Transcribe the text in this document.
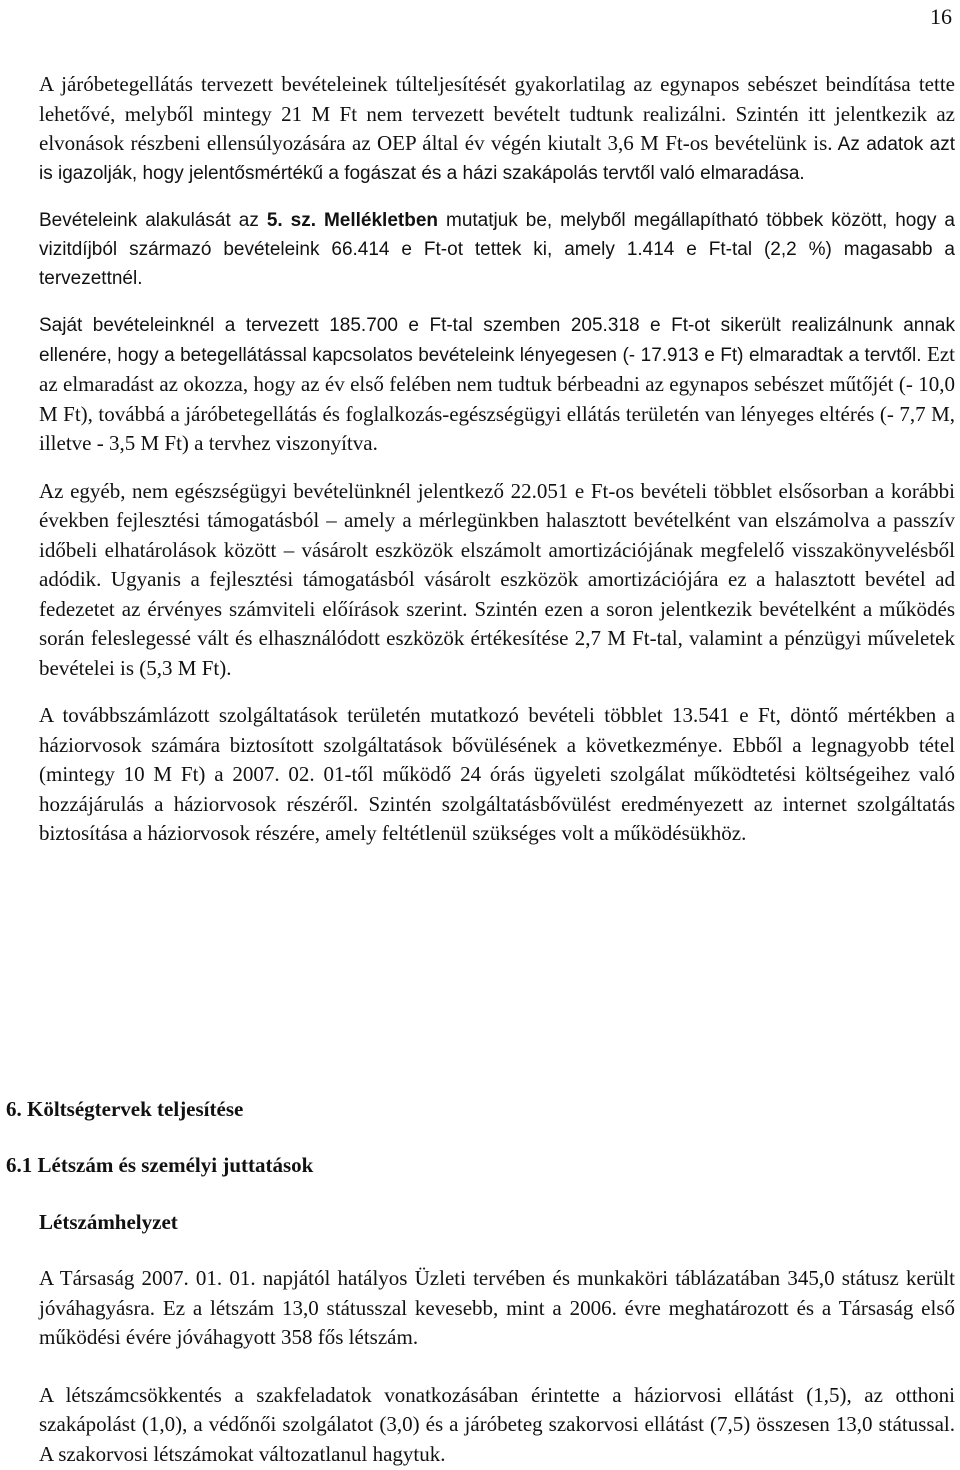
16

A járóbetegellátás tervezett bevételeinek túlteljesítését gyakorlatilag az egynapos sebészet beindítása tette lehetővé, melyből mintegy 21 M Ft nem tervezett bevételt tudtunk realizálni. Szintén itt jelentkezik az elvonások részbeni ellensúlyozására az OEP által év végén kiutalt 3,6 M Ft-os bevételünk is. Az adatok azt is igazolják, hogy jelentősmértékű a fogászat és a házi szakápolás tervtől való elmaradása.

Bevételeink alakulását az 5. sz. Mellékletben mutatjuk be, melyből megállapítható többek között, hogy a vizitdíjból származó bevételeink 66.414 e Ft-ot tettek ki, amely 1.414 e Ft-tal (2,2 %) magasabb a tervezettnél.

Saját bevételeinknél a tervezett 185.700 e Ft-tal szemben 205.318 e Ft-ot sikerült realizálnunk annak ellenére, hogy a betegellátással kapcsolatos bevételeink lényegesen (- 17.913 e Ft) elmaradtak a tervtől. Ezt az elmaradást az okozza, hogy az év első felében nem tudtuk bérbeadni az egynapos sebészet műtőjét (- 10,0 M Ft), továbbá a járóbetegellátás és foglalkozás-egészségügyi ellátás területén van lényeges eltérés (- 7,7 M, illetve - 3,5 M Ft) a tervhez viszonyítva.

Az egyéb, nem egészségügyi bevételünknél jelentkező 22.051 e Ft-os bevételi többlet elsősorban a korábbi években fejlesztési támogatásból – amely a mérlegünkben halasztott bevételként van elszámolva a passzív időbeli elhatárolások között – vásárolt eszközök elszámolt amortizációjának megfelelő visszakönyvelésből adódik. Ugyanis a fejlesztési támogatásból vásárolt eszközök amortizációjára ez a halasztott bevétel ad fedezetet az érvényes számviteli előírások szerint. Szintén ezen a soron jelentkezik bevételként a működés során feleslegessé vált és elhasználódott eszközök értékesítése 2,7 M Ft-tal, valamint a pénzügyi műveletek bevételei is (5,3 M Ft).

A továbbszámlázott szolgáltatások területén mutatkozó bevételi többlet 13.541 e Ft, döntő mértékben a háziorvosok számára biztosított szolgáltatások bővülésének a következménye. Ebből a legnagyobb tétel (mintegy 10 M Ft) a 2007. 02. 01-től működő 24 órás ügyeleti szolgálat működtetési költségeihez való hozzájárulás a háziorvosok részéről. Szintén szolgáltatásbővülést eredményezett az internet szolgáltatás biztosítása a háziorvosok részére, amely feltétlenül szükséges volt a működésükhöz.

6. Költségtervek teljesítése
6.1 Létszám és személyi juttatások
Létszámhelyzet

A Társaság 2007. 01. 01. napjától hatályos Üzleti tervében és munkaköri táblázatában 345,0 státusz került jóváhagyásra. Ez a létszám 13,0 státusszal kevesebb, mint a 2006. évre meghatározott és a Társaság első működési évére jóváhagyott 358 fős létszám.

A létszámcsökkentés a szakfeladatok vonatkozásában érintette a háziorvosi ellátást (1,5), az otthoni szakápolást (1,0), a védőnői szolgálatot (3,0) és a járóbeteg szakorvosi ellátást (7,5) összesen 13,0 státussal. A szakorvosi létszámokat változatlanul hagytuk.
